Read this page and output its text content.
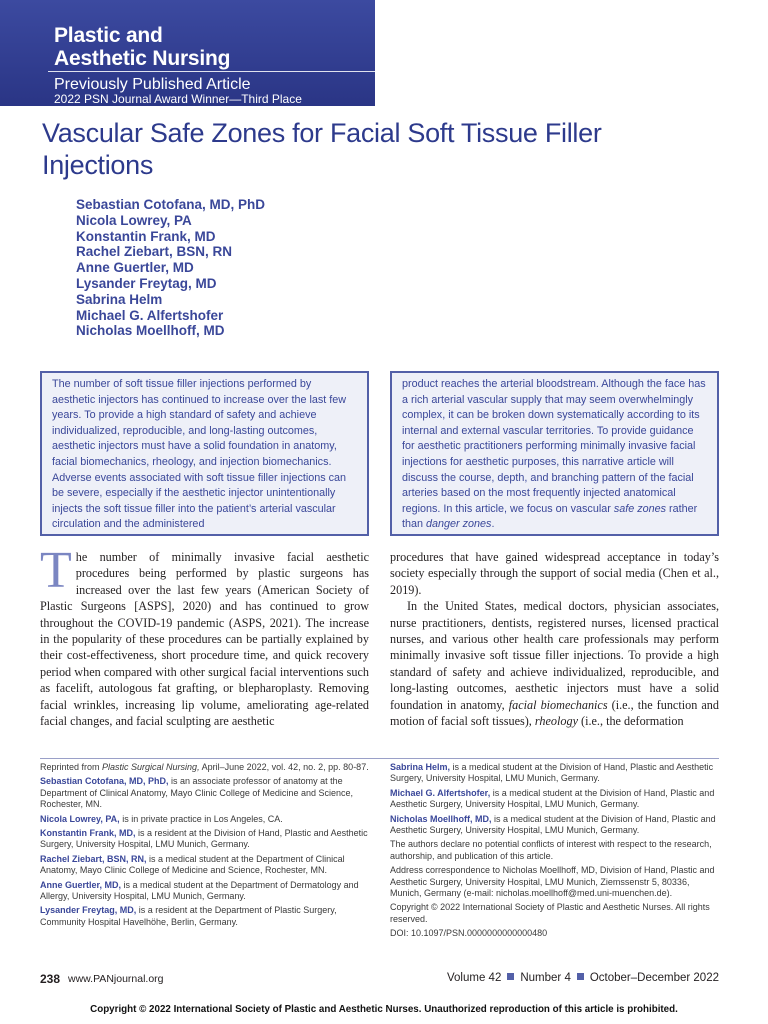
Plastic and
Aesthetic Nursing
Previously Published Article
2022 PSN Journal Award Winner—Third Place
Vascular Safe Zones for Facial Soft Tissue Filler
Injections
Sebastian Cotofana, MD, PhD
Nicola Lowrey, PA
Konstantin Frank, MD
Rachel Ziebart, BSN, RN
Anne Guertler, MD
Lysander Freytag, MD
Sabrina Helm
Michael G. Alfertshofer
Nicholas Moellhoff, MD
The number of soft tissue filler injections performed by aesthetic injectors has continued to increase over the last few years. To provide a high standard of safety and achieve individualized, reproducible, and long-lasting outcomes, aesthetic injectors must have a solid foundation in anatomy, facial biomechanics, rheology, and injection biomechanics. Adverse events associated with soft tissue filler injections can be severe, especially if the aesthetic injector unintentionally injects the soft tissue filler into the patient’s arterial vascular circulation and the administered
product reaches the arterial bloodstream. Although the face has a rich arterial vascular supply that may seem overwhelmingly complex, it can be broken down systematically according to its internal and external vascular territories. To provide guidance for aesthetic practitioners performing minimally invasive facial injections for aesthetic purposes, this narrative article will discuss the course, depth, and branching pattern of the facial arteries based on the most frequently injected anatomical regions. In this article, we focus on vascular safe zones rather than danger zones.
The number of minimally invasive facial aesthetic procedures being performed by plastic surgeons has increased over the last few years (American Society of Plastic Surgeons [ASPS], 2020) and has continued to grow throughout the COVID-19 pandemic (ASPS, 2021). The increase in the popularity of these procedures can be partially explained by their cost-effectiveness, short procedure time, and quick recovery period when compared with other surgical facial interventions such as facelift, autologous fat grafting, or blepharoplasty. Removing facial wrinkles, increasing lip volume, ameliorating age-related facial changes, and facial sculpting are aesthetic

procedures that have gained widespread acceptance in today’s society especially through the support of social media (Chen et al., 2019).

In the United States, medical doctors, physician associates, nurse practitioners, dentists, registered nurses, licensed practical nurses, and various other health care professionals may perform minimally invasive soft tissue filler injections. To provide a high standard of safety and achieve individualized, reproducible, and long-lasting outcomes, aesthetic injectors must have a solid foundation in anatomy, facial biomechanics (i.e., the function and motion of facial soft tissues), rheology (i.e., the deformation

Reprinted from Plastic Surgical Nursing, April–June 2022, vol. 42, no. 2, pp. 80-87.

Sebastian Cotofana, MD, PhD, is an associate professor of anatomy at the Department of Clinical Anatomy, Mayo Clinic College of Medicine and Science, Rochester, MN.

Nicola Lowrey, PA, is in private practice in Los Angeles, CA.

Konstantin Frank, MD, is a resident at the Division of Hand, Plastic and Aesthetic Surgery, University Hospital, LMU Munich, Germany.

Rachel Ziebart, BSN, RN, is a medical student at the Department of Clinical Anatomy, Mayo Clinic College of Medicine and Science, Rochester, MN.

Anne Guertler, MD, is a medical student at the Department of Dermatology and Allergy, University Hospital, LMU Munich, Germany.

Lysander Freytag, MD, is a resident at the Department of Plastic Surgery, Community Hospital Havelhöhe, Berlin, Germany.

Sabrina Helm, is a medical student at the Division of Hand, Plastic and Aesthetic Surgery, University Hospital, LMU Munich, Germany.

Michael G. Alfertshofer, is a medical student at the Division of Hand, Plastic and Aesthetic Surgery, University Hospital, LMU Munich, Germany.

Nicholas Moellhoff, MD, is a medical student at the Division of Hand, Plastic and Aesthetic Surgery, University Hospital, LMU Munich, Germany.

The authors declare no potential conflicts of interest with respect to the research, authorship, and publication of this article.

Address correspondence to Nicholas Moellhoff, MD, Division of Hand, Plastic and Aesthetic Surgery, University Hospital, LMU Munich, Ziemssenstr 5, 80336, Munich, Germany (e-mail: nicholas.moellhoff@med.uni-muenchen.de).

Copyright © 2022 International Society of Plastic and Aesthetic Nurses. All rights reserved.

DOI: 10.1097/PSN.0000000000000480

238 www.PANjournal.org	Volume 42 Number 4 October–December 2022
Copyright © 2022 International Society of Plastic and Aesthetic Nurses. Unauthorized reproduction of this article is prohibited.
